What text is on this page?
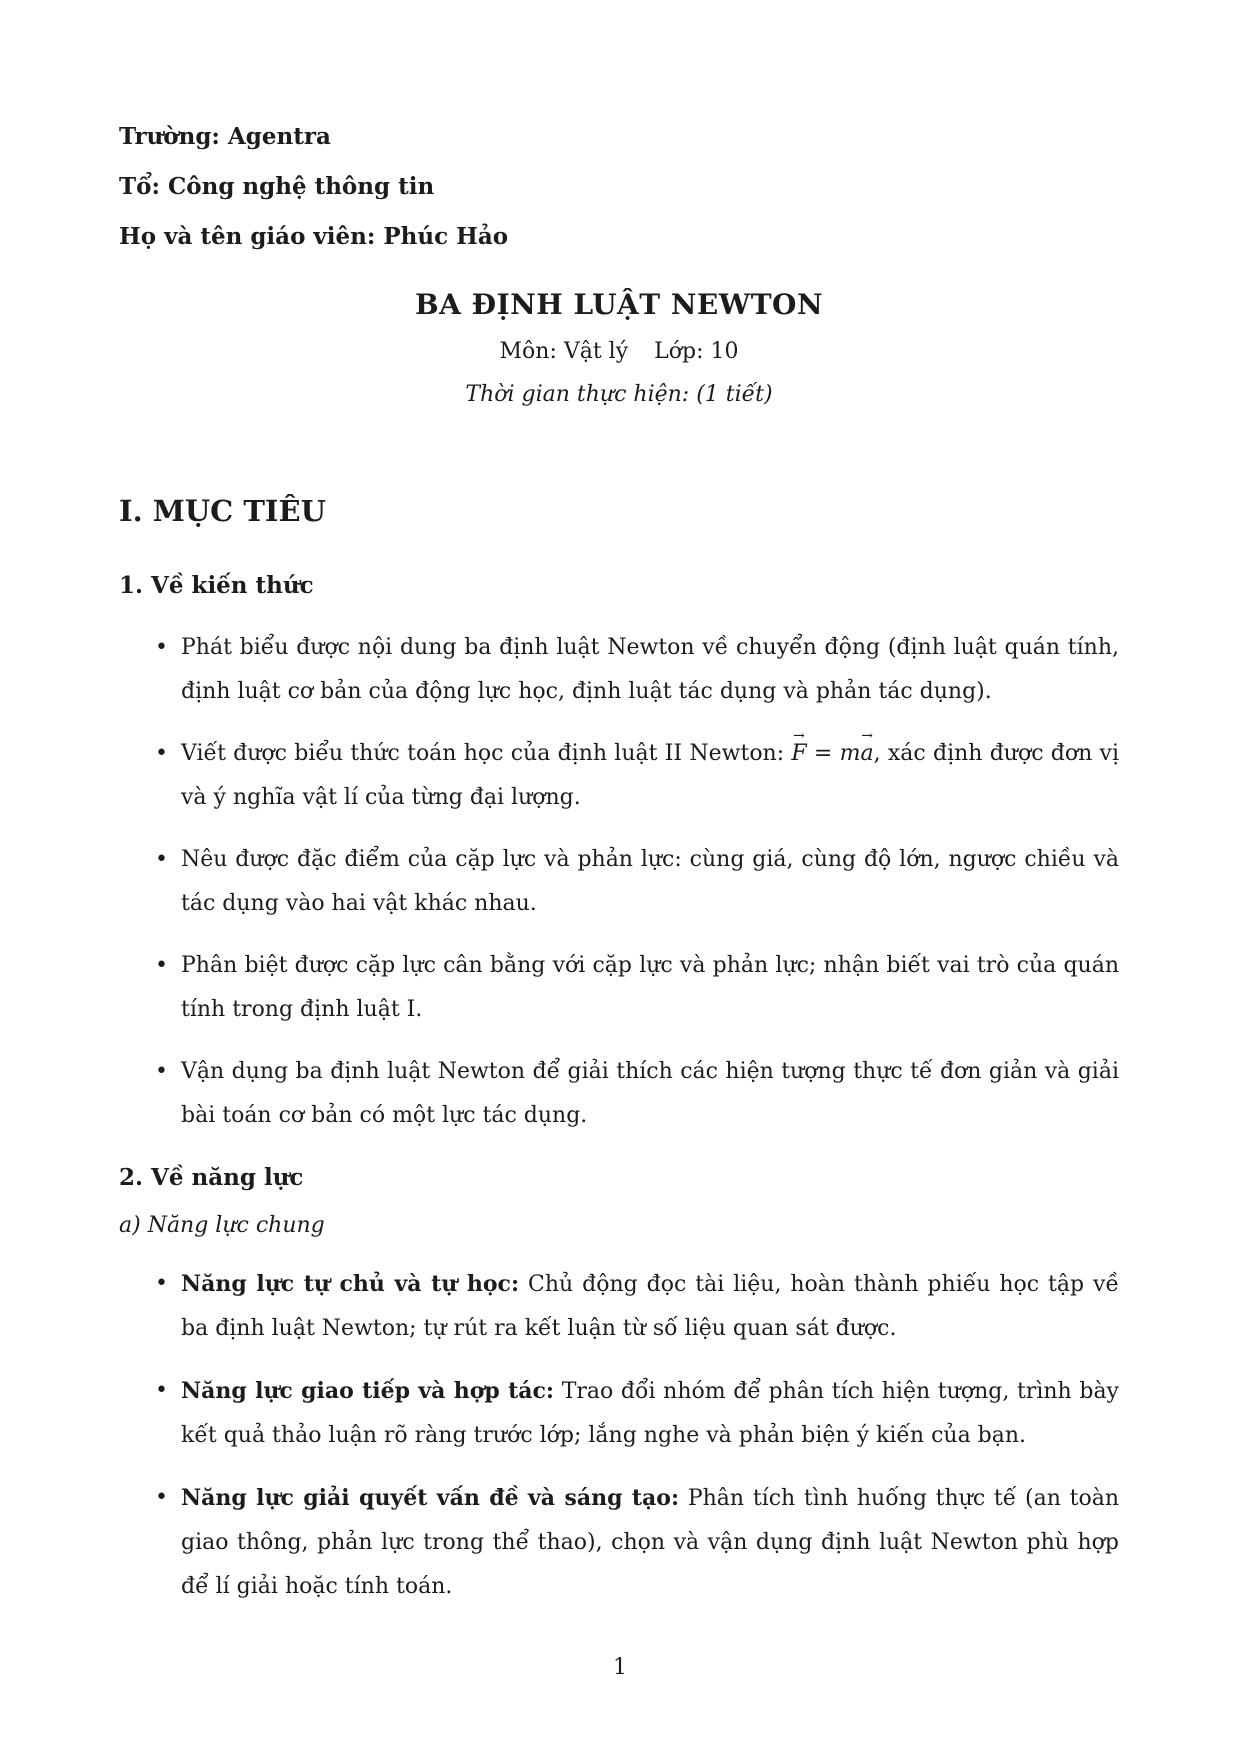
Trường: Agentra

Tổ: Công nghệ thông tin

Họ và tên giáo viên: Phúc Hảo

BA ĐỊNH LUẬT NEWTON

Môn: Vật lý Lớp: 10

Thời gian thực hiện: (1 tiết)

I. MỤC TIÊU
1. Về kiến thức
• Phát biểu được nội dung ba định luật Newton về chuyển động (định luật quán tính, định luật cơ bản của động lực học, định luật tác dụng và phản tác dụng).
• Viết được biểu thức toán học của định luật II Newton: → F = m→ a, xác định được đơn vị và ý nghĩa vật lí của từng đại lượng.
• Nêu được đặc điểm của cặp lực và phản lực: cùng giá, cùng độ lớn, ngược chiều và tác dụng vào hai vật khác nhau.
• Phân biệt được cặp lực cân bằng với cặp lực và phản lực; nhận biết vai trò của quán tính trong định luật I.
• Vận dụng ba định luật Newton để giải thích các hiện tượng thực tế đơn giản và giải bài toán cơ bản có một lực tác dụng.
2. Về năng lực
a) Năng lực chung
• Năng lực tự chủ và tự học: Chủ động đọc tài liệu, hoàn thành phiếu học tập về ba định luật Newton; tự rút ra kết luận từ số liệu quan sát được.
• Năng lực giao tiếp và hợp tác: Trao đổi nhóm để phân tích hiện tượng, trình bày kết quả thảo luận rõ ràng trước lớp; lắng nghe và phản biện ý kiến của bạn.
• Năng lực giải quyết vấn đề và sáng tạo: Phân tích tình huống thực tế (an toàn giao thông, phản lực trong thể thao), chọn và vận dụng định luật Newton phù hợp để lí giải hoặc tính toán.
1
